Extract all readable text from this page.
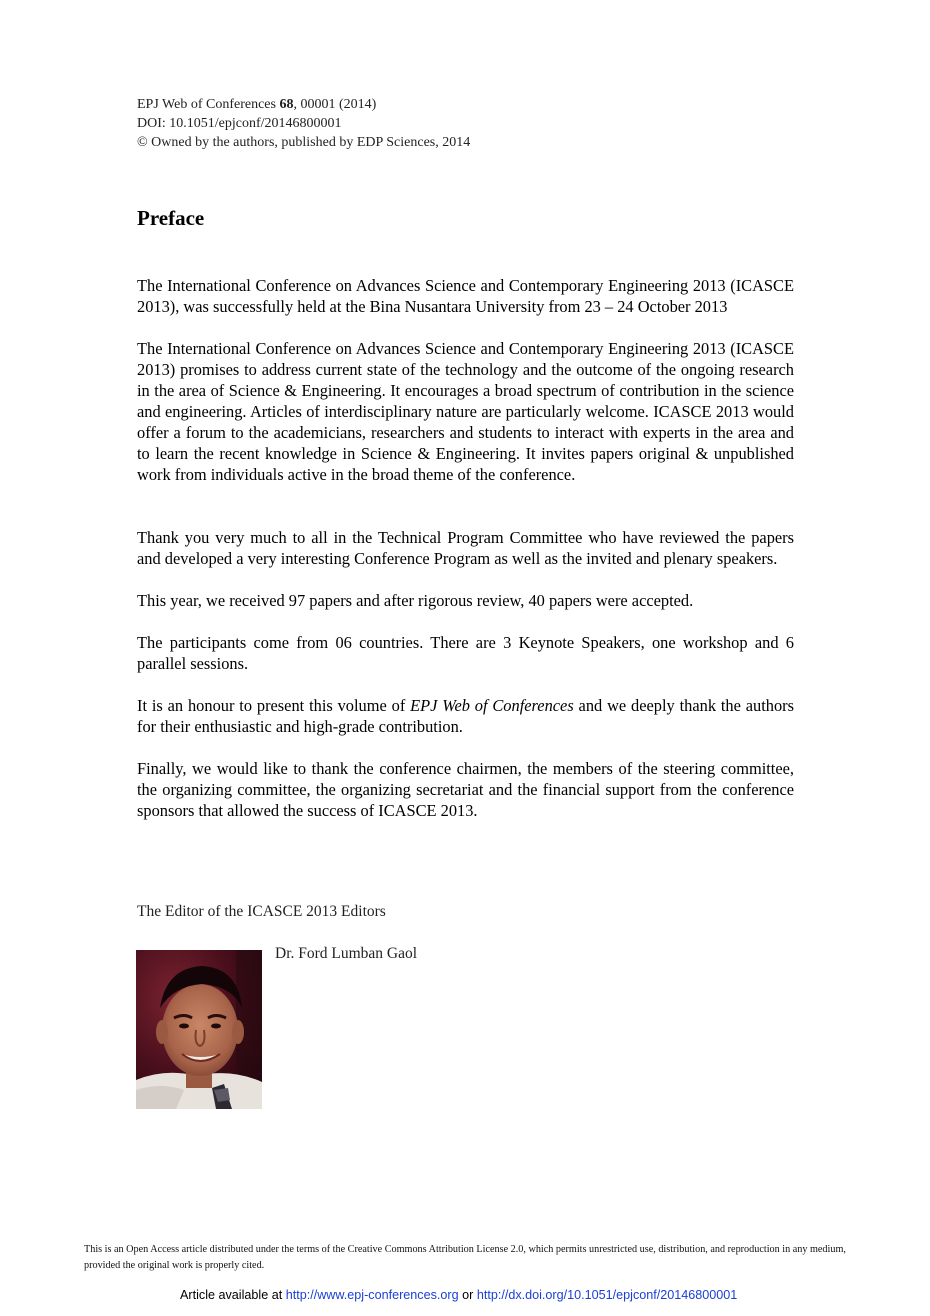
EPJ Web of Conferences 68, 00001 (2014)
DOI: 10.1051/epjconf/20146800001
© Owned by the authors, published by EDP Sciences, 2014
Preface

The International Conference on Advances Science and Contemporary Engineering 2013 (ICASCE 2013), was successfully held at the Bina Nusantara University from 23 – 24 October 2013

The International Conference on Advances Science and Contemporary Engineering 2013 (ICASCE 2013) promises to address current state of the technology and the outcome of the ongoing research in the area of Science & Engineering. It encourages a broad spectrum of contribution in the science and engineering. Articles of interdisciplinary nature are particularly welcome. ICASCE 2013 would offer a forum to the academicians, researchers and students to interact with experts in the area and to learn the recent knowledge in Science & Engineering. It invites papers original & unpublished work from individuals active in the broad theme of the conference.

Thank you very much to all in the Technical Program Committee who have reviewed the papers and developed a very interesting Conference Program as well as the invited and plenary speakers.

This year, we received 97 papers and after rigorous review, 40 papers were accepted.

The participants come from 06 countries. There are 3 Keynote Speakers, one workshop and 6 parallel sessions.

It is an honour to present this volume of EPJ Web of Conferences and we deeply thank the authors for their enthusiastic and high-grade contribution.

Finally, we would like to thank the conference chairmen, the members of the steering committee, the organizing committee, the organizing secretariat and the financial support from the conference sponsors that allowed the success of ICASCE 2013.

The Editor of the ICASCE 2013 Editors
Dr. Ford Lumban Gaol
This is an Open Access article distributed under the terms of the Creative Commons Attribution License 2.0, which permits unrestricted use, distribution, and reproduction in any medium, provided the original work is properly cited.
Article available at http://www.epj-conferences.org or http://dx.doi.org/10.1051/epjconf/20146800001
